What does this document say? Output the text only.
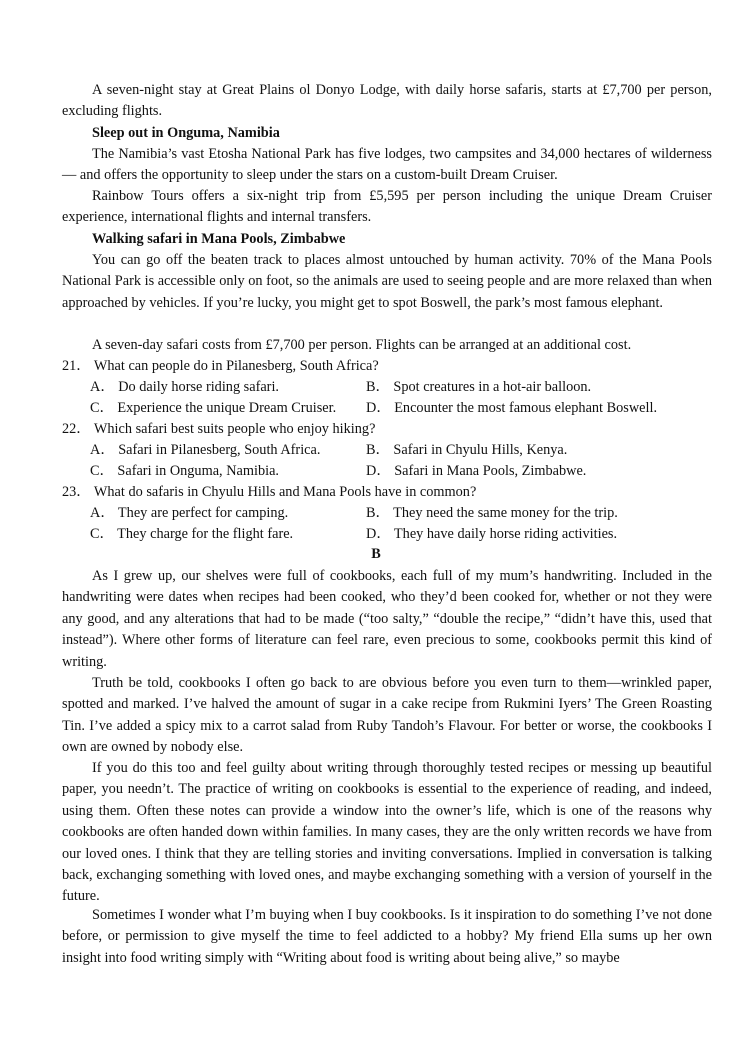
A seven-night stay at Great Plains ol Donyo Lodge, with daily horse safaris, starts at £7,700 per person, excluding flights.

Sleep out in Onguma, Namibia

The Namibia’s vast Etosha National Park has five lodges, two campsites and 34,000 hectares of wilderness — and offers the opportunity to sleep under the stars on a custom-built Dream Cruiser.

Rainbow Tours offers a six-night trip from £5,595 per person including the unique Dream Cruiser experience, international flights and internal transfers.

Walking safari in Mana Pools, Zimbabwe

You can go off the beaten track to places almost untouched by human activity. 70% of the Mana Pools National Park is accessible only on foot, so the animals are used to seeing people and are more relaxed than when approached by vehicles. If you’re lucky, you might get to spot Boswell, the park’s most famous elephant.

A seven-day safari costs from £7,700 per person. Flights can be arranged at an additional cost.

21． What can people do in Pilanesberg, South Africa?

A． Do daily horse riding safari.	B． Spot creatures in a hot-air balloon.

C． Experience the unique Dream Cruiser. D． Encounter the most famous elephant Boswell.

22． Which safari best suits people who enjoy hiking?

A． Safari in Pilanesberg, South Africa.	B． Safari in Chyulu Hills, Kenya.

C． Safari in Onguma, Namibia.	D． Safari in Mana Pools, Zimbabwe.

23． What do safaris in Chyulu Hills and Mana Pools have in common?

A． They are perfect for camping.	B． They need the same money for the trip.

C． They charge for the flight fare.	D． They have daily horse riding activities.

B

As I grew up, our shelves were full of cookbooks, each full of my mum’s handwriting. Included in the handwriting were dates when recipes had been cooked, who they’d been cooked for, whether or not they were any good, and any alterations that had to be made (“too salty,” “double the recipe,” “didn’t have this, used that instead”). Where other forms of literature can feel rare, even precious to some, cookbooks permit this kind of writing.

Truth be told, cookbooks I often go back to are obvious before you even turn to them—wrinkled paper, spotted and marked. I’ve halved the amount of sugar in a cake recipe from Rukmini Iyers’ The Green Roasting Tin. I’ve added a spicy mix to a carrot salad from Ruby Tandoh’s Flavour. For better or worse, the cookbooks I own are owned by nobody else.

If you do this too and feel guilty about writing through thoroughly tested recipes or messing up beautiful paper, you needn’t. The practice of writing on cookbooks is essential to the experience of reading, and indeed, using them. Often these notes can provide a window into the owner’s life, which is one of the reasons why cookbooks are often handed down within families. In many cases, they are the only written records we have from our loved ones. I think that they are telling stories and inviting conversations. Implied in conversation is talking back, exchanging something with loved ones, and maybe exchanging something with a version of yourself in the future.

Sometimes I wonder what I’m buying when I buy cookbooks. Is it inspiration to do something I’ve not done before, or permission to give myself the time to feel addicted to a hobby? My friend Ella sums up her own insight into food writing simply with “Writing about food is writing about being alive,” so maybe
